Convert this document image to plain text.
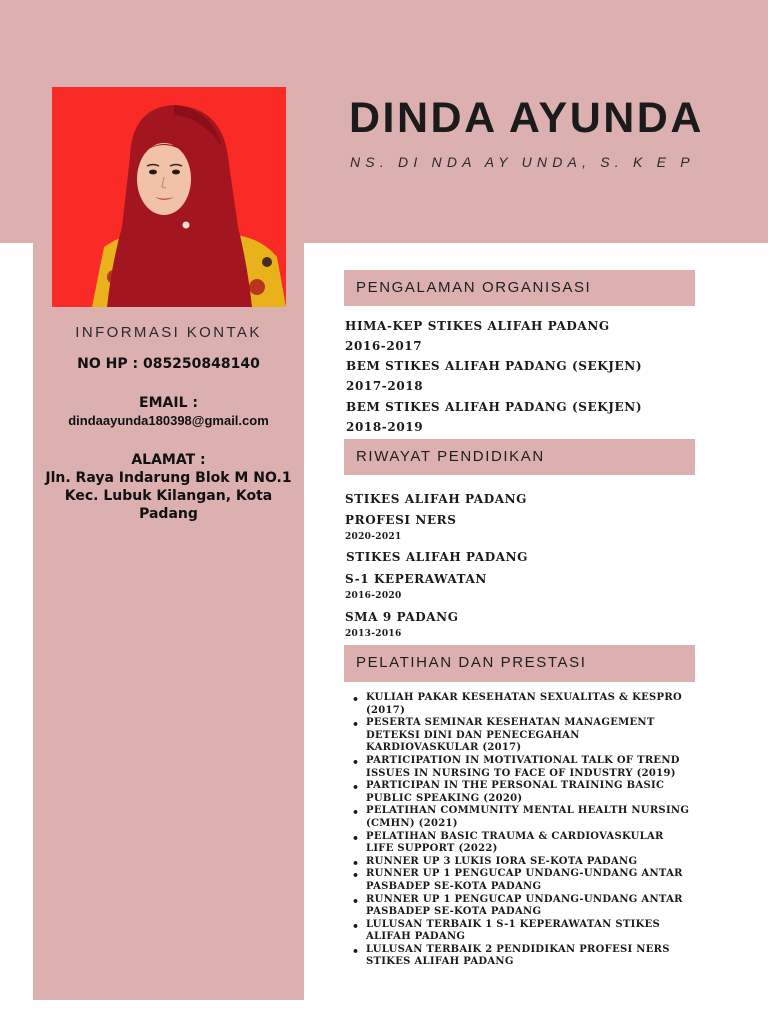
DINDA AYUNDA
NS. DI NDA AY UNDA, S. K E P
INFORMASI KONTAK
NO HP : 085250848140
EMAIL :
dindaayunda180398@gmail.com
ALAMAT :
Jln. Raya Indarung Blok M NO.1
Kec. Lubuk Kilangan, Kota Padang
PENGALAMAN ORGANISASI
HIMA-KEP STIKES ALIFAH PADANG
2016-2017
BEM STIKES ALIFAH PADANG (SEKJEN)
2017-2018
BEM STIKES ALIFAH PADANG (SEKJEN)
2018-2019
RIWAYAT PENDIDIKAN
STIKES ALIFAH PADANG
PROFESI NERS
2020-2021
STIKES ALIFAH PADANG
S-1 KEPERAWATAN
2016-2020
SMA 9 PADANG
2013-2016
PELATIHAN DAN PRESTASI
• KULIAH PAKAR KESEHATAN SEXUALITAS & KESPRO (2017)
• PESERTA SEMINAR KESEHATAN MANAGEMENT DETEKSI DINI DAN PENECEGAHAN KARDIOVASKULAR (2017)
• PARTICIPATION IN MOTIVATIONAL TALK OF TREND ISSUES IN NURSING TO FACE OF INDUSTRY (2019)
• PARTICIPAN IN THE PERSONAL TRAINING BASIC PUBLIC SPEAKING (2020)
• PELATIHAN COMMUNITY MENTAL HEALTH NURSING (CMHN) (2021)
• PELATIHAN BASIC TRAUMA & CARDIOVASKULAR LIFE SUPPORT (2022)
• RUNNER UP 3 LUKIS IORA SE-KOTA PADANG
• RUNNER UP 1 PENGUCAP UNDANG-UNDANG ANTAR PASBADEP SE-KOTA PADANG
• RUNNER UP 1 PENGUCAP UNDANG-UNDANG ANTAR PASBADEP SE-KOTA PADANG
• LULUSAN TERBAIK 1 S-1 KEPERAWATAN STIKES ALIFAH PADANG
• LULUSAN TERBAIK 2 PENDIDIKAN PROFESI NERS STIKES ALIFAH PADANG
